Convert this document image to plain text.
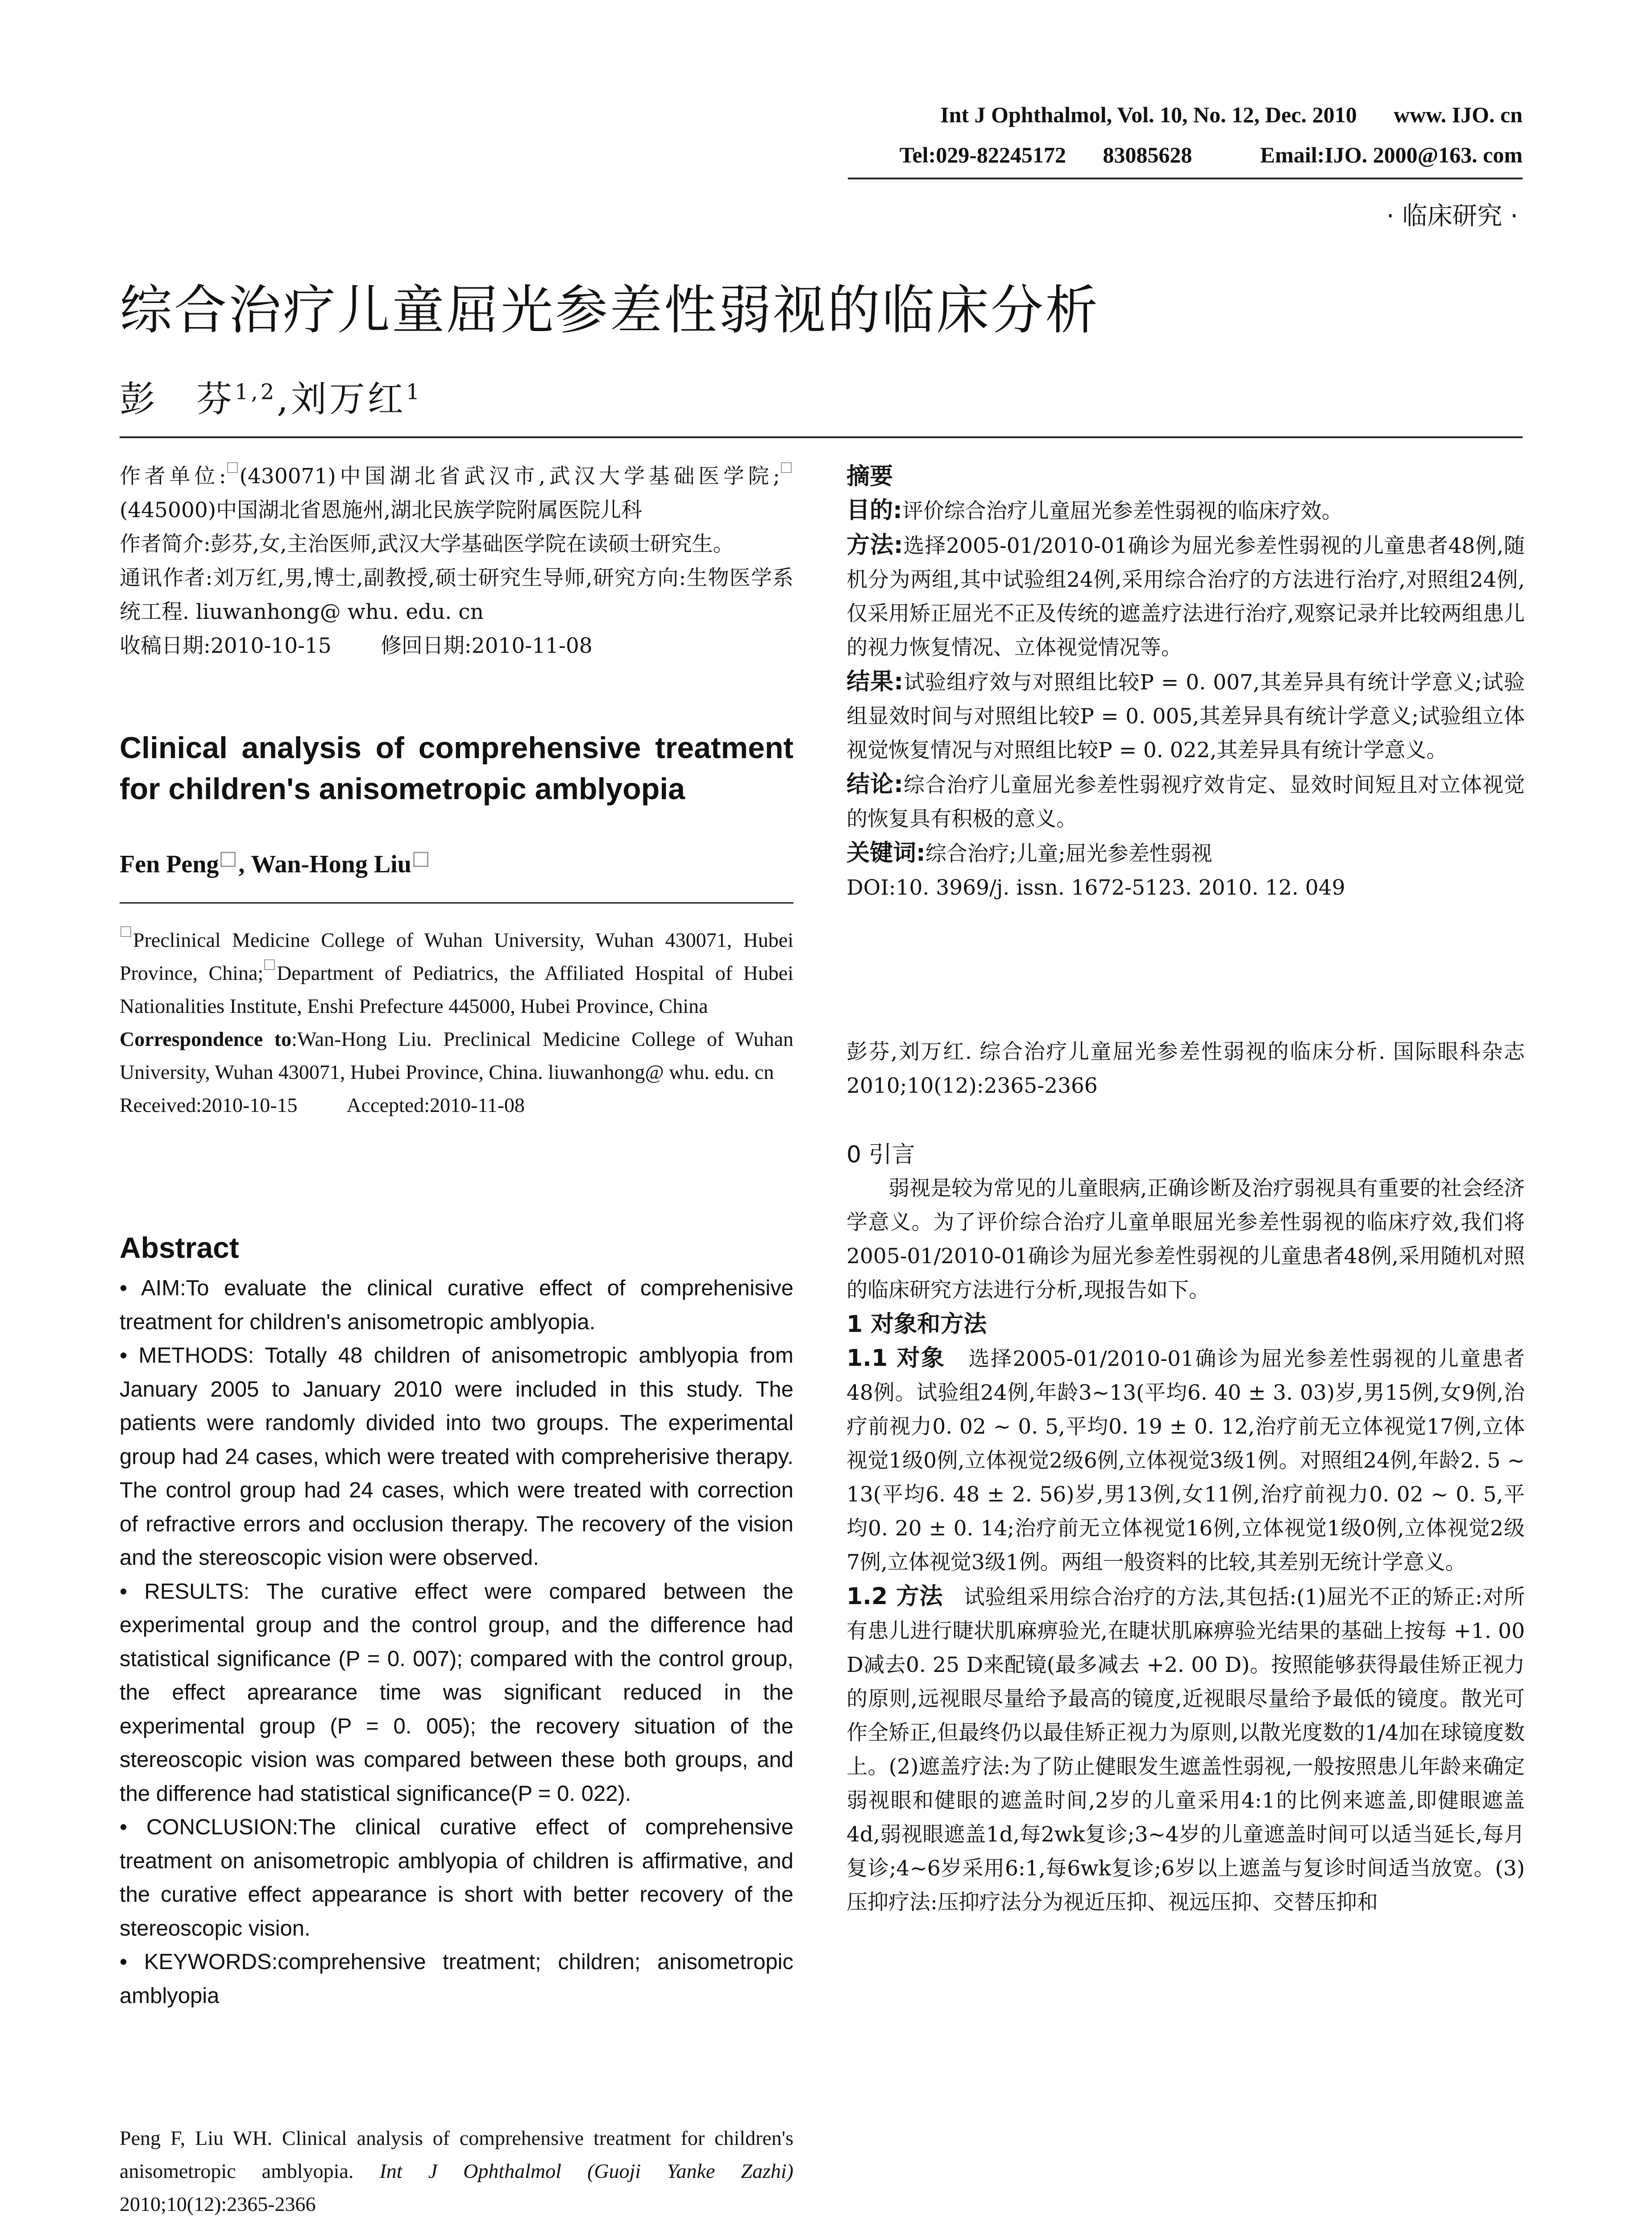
Int J Ophthalmol, Vol. 10, No. 12, Dec. 2010 www. IJO. cn
Tel:029-82245172 83085628	Email:IJO. 2000@163. com
· 临床研究 ·
综合治疗儿童屈光参差性弱视的临床分析
彭　芬$^{1,2}$,刘万红$^1$

作者单位: (430071)中国湖北省武汉市,武汉大学基础医学院;(445000)中国湖北省恩施州,湖北民族学院附属医院儿科

作者简介:彭芬,女,主治医师,武汉大学基础医学院在读硕士研究生。

通讯作者:刘万红,男,博士,副教授,硕士研究生导师,研究方向:生物医学系统工程. liuwanhong@ whu. edu. cn

收稿日期:2010-10-15 修回日期:2010-11-08

Clinical analysis of comprehensive treatment for children's anisometropic amblyopia
Fen Peng , Wan-Hong Liu

Preclinical Medicine College of Wuhan University, Wuhan 430071, Hubei Province, China; Department of Pediatrics, the Affiliated Hospital of Hubei Nationalities Institute, Enshi Prefecture 445000, Hubei Province, China

Correspondence to:Wan-Hong Liu. Preclinical Medicine College of Wuhan University, Wuhan 430071, Hubei Province, China. liuwanhong@ whu. edu. cn

Received:2010-10-15 Accepted:2010-11-08

Abstract

• AIM:To evaluate the clinical curative effect of comprehenisive treatment for children's anisometropic amblyopia.

• METHODS: Totally 48 children of anisometropic amblyopia from January 2005 to January 2010 were included in this study. The patients were randomly divided into two groups. The experimental group had 24 cases, which were treated with compreherisive therapy. The control group had 24 cases, which were treated with correction of refractive errors and occlusion therapy. The recovery of the vision and the stereoscopic vision were observed.

• RESULTS: The curative effect were compared between the experimental group and the control group, and the difference had statistical significance (P = 0. 007); compared with the control group, the effect aprearance time was significant reduced in the experimental group (P = 0. 005); the recovery situation of the stereoscopic vision was compared between these both groups, and the difference had statistical significance(P = 0. 022).

• CONCLUSION:The clinical curative effect of comprehensive treatment on anisometropic amblyopia of children is affirmative, and the curative effect appearance is short with better recovery of the stereoscopic vision.

• KEYWORDS:comprehensive treatment; children; anisometropic amblyopia

Peng F, Liu WH. Clinical analysis of comprehensive treatment for children's anisometropic amblyopia. Int J Ophthalmol (Guoji Yanke Zazhi) 2010;10(12):2365-2366

摘要

目的:评价综合治疗儿童屈光参差性弱视的临床疗效。

方法:选择2005-01/2010-01确诊为屈光参差性弱视的儿童患者48例,随机分为两组,其中试验组24例,采用综合治疗的方法进行治疗,对照组24例,仅采用矫正屈光不正及传统的遮盖疗法进行治疗,观察记录并比较两组患儿的视力恢复情况、立体视觉情况等。

结果:试验组疗效与对照组比较P = 0. 007,其差异具有统计学意义;试验组显效时间与对照组比较P = 0. 005,其差异具有统计学意义;试验组立体视觉恢复情况与对照组比较P = 0. 022,其差异具有统计学意义。

结论:综合治疗儿童屈光参差性弱视疗效肯定、显效时间短且对立体视觉的恢复具有积极的意义。

关键词:综合治疗;儿童;屈光参差性弱视

DOI:10. 3969/j. issn. 1672-5123. 2010. 12. 049

彭芬,刘万红. 综合治疗儿童屈光参差性弱视的临床分析. 国际眼科杂志 2010;10(12):2365-2366

0 引言

弱视是较为常见的儿童眼病,正确诊断及治疗弱视具有重要的社会经济学意义。为了评价综合治疗儿童单眼屈光参差性弱视的临床疗效,我们将2005-01/2010-01确诊为屈光参差性弱视的儿童患者48例,采用随机对照的临床研究方法进行分析,现报告如下。

1 对象和方法

1.1 对象 选择2005-01/2010-01确诊为屈光参差性弱视的儿童患者48例。试验组24例,年龄3~13(平均6. 40 ± 3. 03)岁,男15例,女9例,治疗前视力0. 02 ~ 0. 5,平均0. 19 ± 0. 12,治疗前无立体视觉17例,立体视觉1级0例,立体视觉2级6例,立体视觉3级1例。对照组24例,年龄2. 5 ~ 13(平均6. 48 ± 2. 56)岁,男13例,女11例,治疗前视力0. 02 ~ 0. 5,平均0. 20 ± 0. 14;治疗前无立体视觉16例,立体视觉1级0例,立体视觉2级7例,立体视觉3级1例。两组一般资料的比较,其差别无统计学意义。

1.2 方法 试验组采用综合治疗的方法,其包括:(1)屈光不正的矫正:对所有患儿进行睫状肌麻痹验光,在睫状肌麻痹验光结果的基础上按每 +1. 00 D减去0. 25 D来配镜(最多减去 +2. 00 D)。按照能够获得最佳矫正视力的原则,远视眼尽量给予最高的镜度,近视眼尽量给予最低的镜度。散光可作全矫正,但最终仍以最佳矫正视力为原则,以散光度数的1/4加在球镜度数上。(2)遮盖疗法:为了防止健眼发生遮盖性弱视,一般按照患儿年龄来确定弱视眼和健眼的遮盖时间,2岁的儿童采用4:1的比例来遮盖,即健眼遮盖4d,弱视眼遮盖1d,每2wk复诊;3~4岁的儿童遮盖时间可以适当延长,每月复诊;4~6岁采用6:1,每6wk复诊;6岁以上遮盖与复诊时间适当放宽。(3)压抑疗法:压抑疗法分为视近压抑、视远压抑、交替压抑和
